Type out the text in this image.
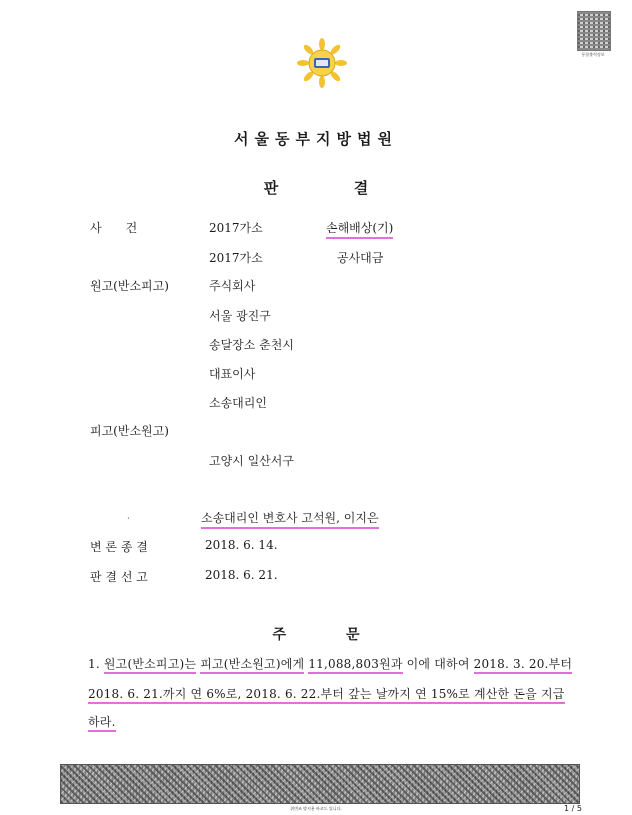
통합출력정보
서울동부지방법원
판	결
사　　건	2017가소	손해배상(기)
2017가소	공사대금
원고(반소피고)	주식회사
서울 광진구
송달장소 춘천시
대표이사
소송대리인
피고(반소원고)
고양시 일산서구
،	소송대리인 변호사 고석원, 이지은
변 론 종 결	2018. 6. 14.
판 결 선 고	2018. 6. 21.
주	문
1. 원고(반소피고)는 피고(반소원고)에게 11,088,803원과 이에 대하여 2018. 3. 20.부터
2018. 6. 21.까지 연 6%로, 2018. 6. 22.부터 갚는 날까지 연 15%로 계산한 돈을 지급
하라.
위변조 방지용 바코드 입니다.	1 / 5
